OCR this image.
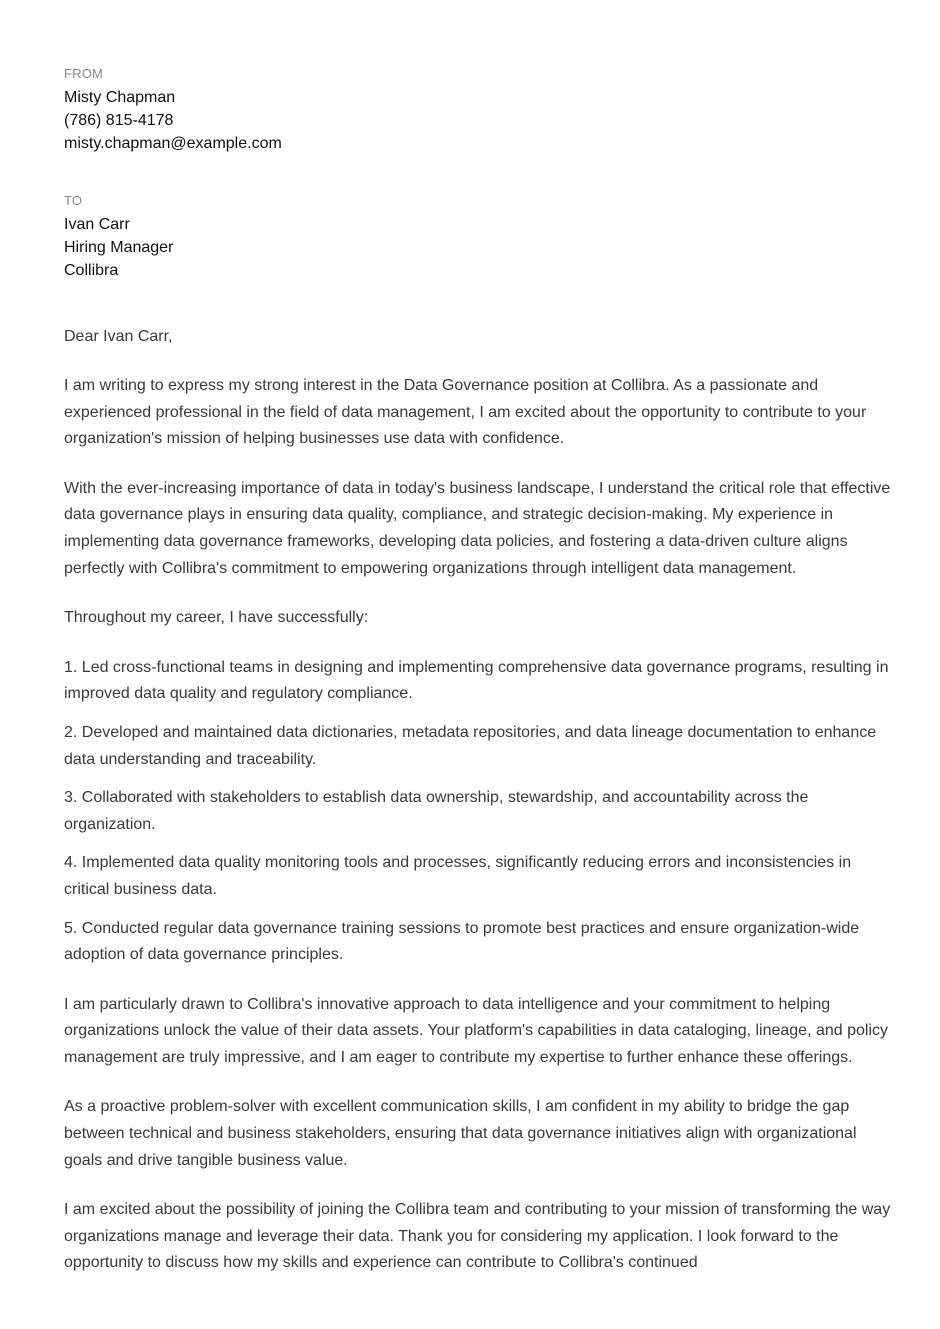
FROM
Misty Chapman
(786) 815-4178
misty.chapman@example.com
TO
Ivan Carr
Hiring Manager
Collibra
Dear Ivan Carr,

I am writing to express my strong interest in the Data Governance position at Collibra. As a passionate and experienced professional in the field of data management, I am excited about the opportunity to contribute to your organization's mission of helping businesses use data with confidence.

With the ever-increasing importance of data in today's business landscape, I understand the critical role that effective data governance plays in ensuring data quality, compliance, and strategic decision-making. My experience in implementing data governance frameworks, developing data policies, and fostering a data-driven culture aligns perfectly with Collibra's commitment to empowering organizations through intelligent data management.

Throughout my career, I have successfully:

1. Led cross-functional teams in designing and implementing comprehensive data governance programs, resulting in improved data quality and regulatory compliance.
2. Developed and maintained data dictionaries, metadata repositories, and data lineage documentation to enhance data understanding and traceability.
3. Collaborated with stakeholders to establish data ownership, stewardship, and accountability across the organization.
4. Implemented data quality monitoring tools and processes, significantly reducing errors and inconsistencies in critical business data.
5. Conducted regular data governance training sessions to promote best practices and ensure organization-wide adoption of data governance principles.

I am particularly drawn to Collibra's innovative approach to data intelligence and your commitment to helping organizations unlock the value of their data assets. Your platform's capabilities in data cataloging, lineage, and policy management are truly impressive, and I am eager to contribute my expertise to further enhance these offerings.

As a proactive problem-solver with excellent communication skills, I am confident in my ability to bridge the gap between technical and business stakeholders, ensuring that data governance initiatives align with organizational goals and drive tangible business value.

I am excited about the possibility of joining the Collibra team and contributing to your mission of transforming the way organizations manage and leverage their data. Thank you for considering my application. I look forward to the opportunity to discuss how my skills and experience can contribute to Collibra's continued
